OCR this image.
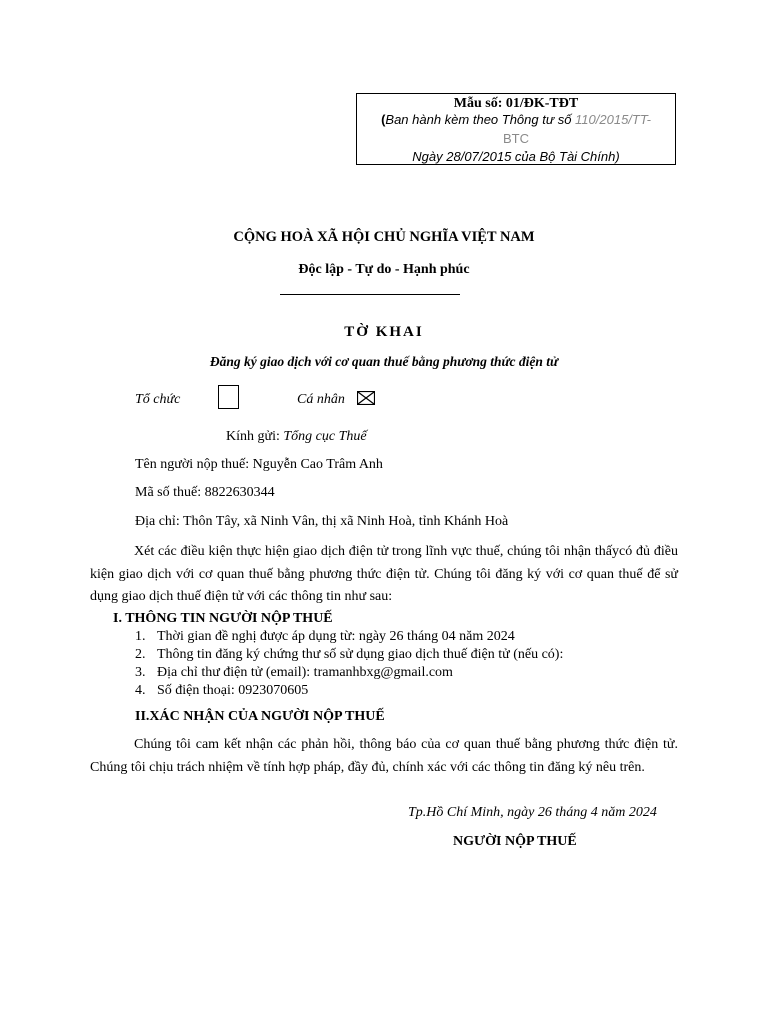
Mẫu số: 01/ĐK-TĐT
(Ban hành kèm theo Thông tư số 110/2015/TT-
BTC
Ngày 28/07/2015 của Bộ Tài Chính)
CỘNG HOÀ XÃ HỘI CHỦ NGHĨA VIỆT NAM
Độc lập - Tự do - Hạnh phúc
TỜ KHAI
Đăng ký giao dịch với cơ quan thuế bằng phương thức điện tử
Tổ chức	Cá nhân
Kính gửi: Tổng cục Thuế
Tên người nộp thuế: Nguyễn Cao Trâm Anh
Mã số thuế: 8822630344
Địa chỉ: Thôn Tây, xã Ninh Vân, thị xã Ninh Hoà, tỉnh Khánh Hoà
Xét các điều kiện thực hiện giao dịch điện tử trong lĩnh vực thuế, chúng tôi nhận thấycó đủ điều kiện giao dịch với cơ quan thuế bằng phương thức điện tử. Chúng tôi đăng ký với cơ quan thuế để sử dụng giao dịch thuế điện tử với các thông tin như sau:
I. THÔNG TIN NGƯỜI NỘP THUẾ
1. Thời gian đề nghị được áp dụng từ: ngày 26 tháng 04 năm 2024
2. Thông tin đăng ký chứng thư số sử dụng giao dịch thuế điện tử (nếu có):
3. Địa chỉ thư điện tử (email): tramanhbxg@gmail.com
4. Số điện thoại: 0923070605
II.XÁC NHẬN CỦA NGƯỜI NỘP THUẾ
Chúng tôi cam kết nhận các phản hồi, thông báo của cơ quan thuế bằng phương thức điện tử. Chúng tôi chịu trách nhiệm về tính hợp pháp, đầy đủ, chính xác với các thông tin đăng ký nêu trên.
Tp.Hồ Chí Minh, ngày 26 tháng 4 năm 2024
NGƯỜI NỘP THUẾ
